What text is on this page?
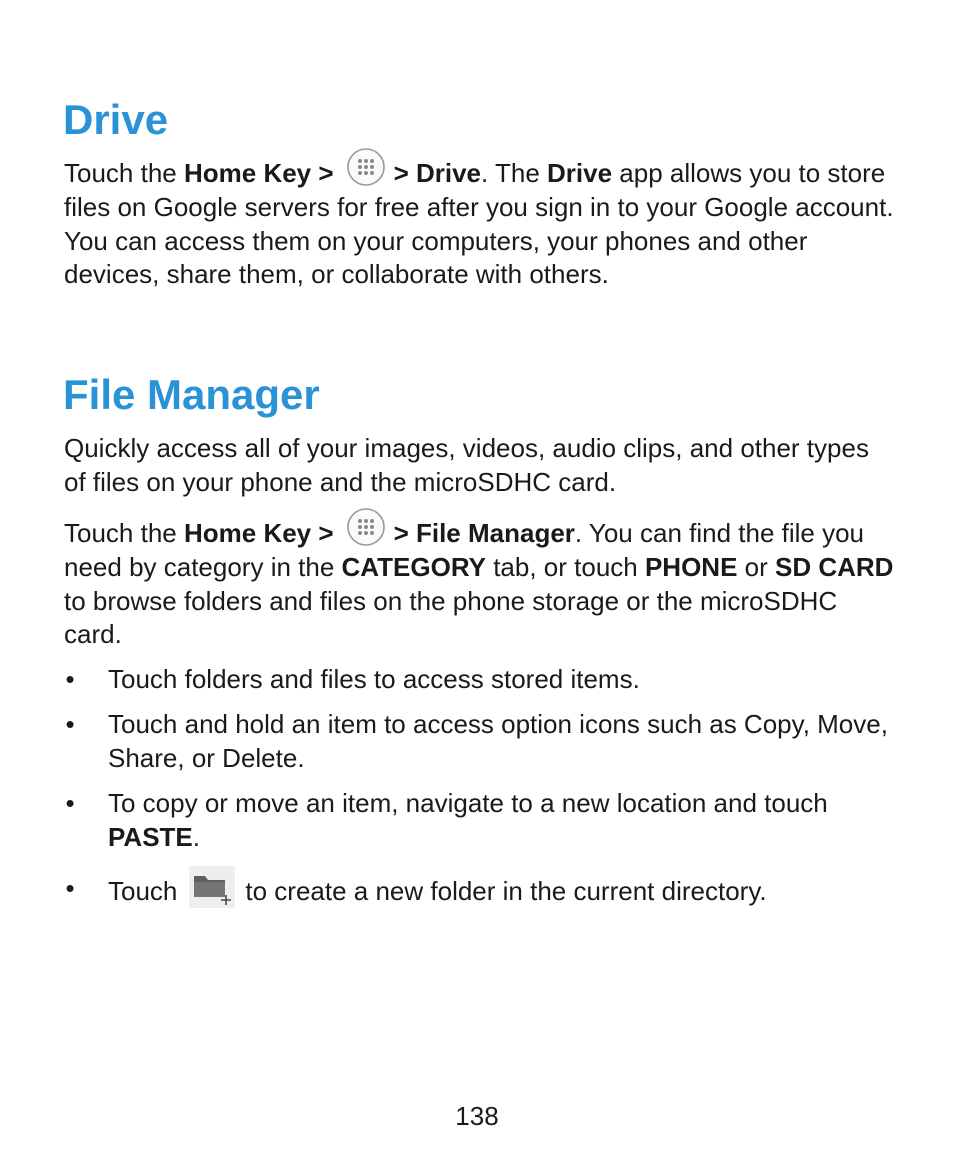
Drive

Touch the Home Key > > Drive. The Drive app allows you to store files on Google servers for free after you sign in to your Google account. You can access them on your computers, your phones and other devices, share them, or collaborate with others.

File Manager

Quickly access all of your images, videos, audio clips, and other types of files on your phone and the microSDHC card.

Touch the Home Key > > File Manager. You can find the file you need by category in the CATEGORY tab, or touch PHONE or SD CARD to browse folders and files on the phone storage or the microSDHC card.

• Touch folders and files to access stored items.
• Touch and hold an item to access option icons such as Copy, Move, Share, or Delete.
• To copy or move an item, navigate to a new location and touch PASTE.
• Touch	to create a new folder in the current directory.
138
